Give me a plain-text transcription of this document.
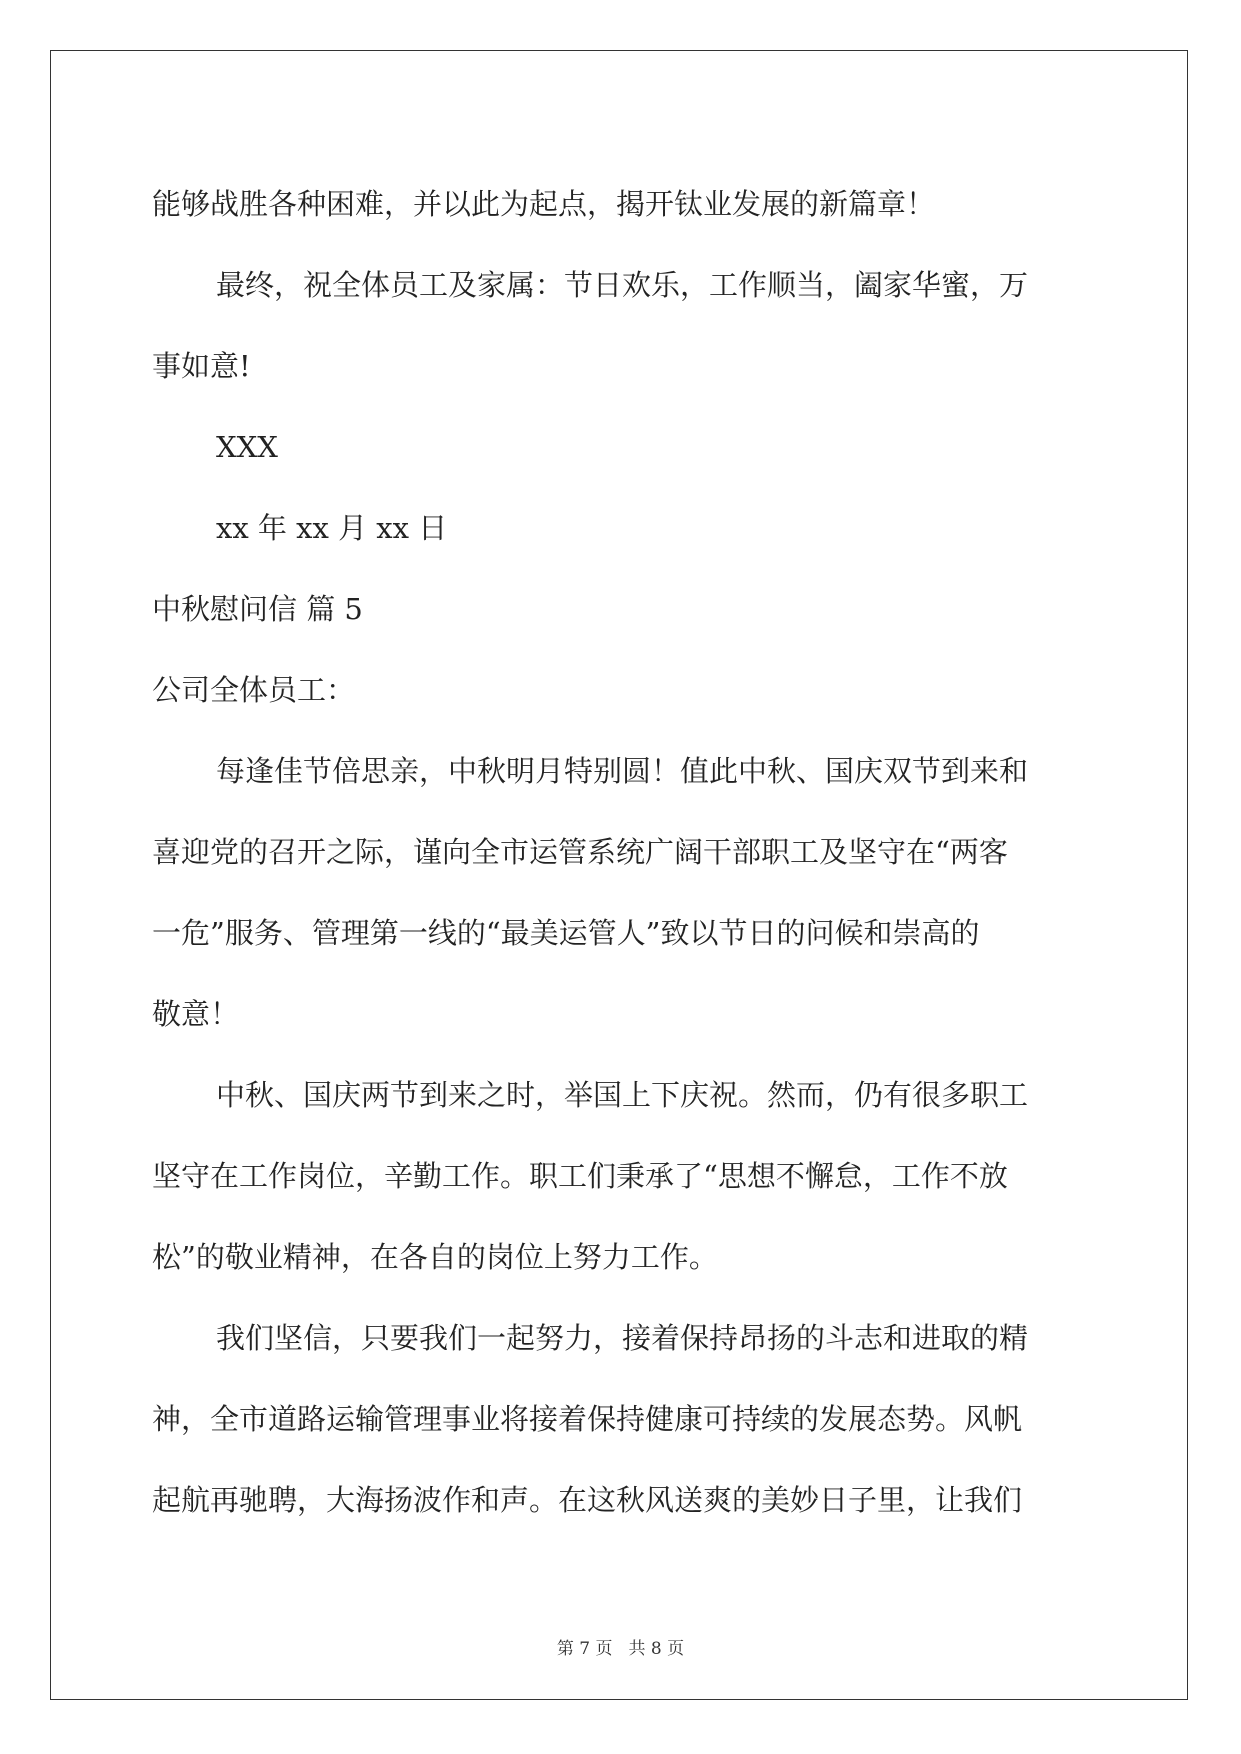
能够战胜各种困难，并以此为起点，揭开钛业发展的新篇章！
最终，祝全体员工及家属：节日欢乐，工作顺当，阖家华蜜，万
事如意!
XXX
xx 年 xx 月 xx 日
中秋慰问信 篇 5
公司全体员工：
每逢佳节倍思亲，中秋明月特别圆！值此中秋、国庆双节到来和
喜迎党的召开之际，谨向全市运管系统广阔干部职工及坚守在“两客
一危”服务、管理第一线的“最美运管人”致以节日的问候和崇高的
敬意！
中秋、国庆两节到来之时，举国上下庆祝。然而，仍有很多职工
坚守在工作岗位，辛勤工作。职工们秉承了“思想不懈怠，工作不放
松”的敬业精神，在各自的岗位上努力工作。
我们坚信，只要我们一起努力，接着保持昂扬的斗志和进取的精
神，全市道路运输管理事业将接着保持健康可持续的发展态势。风帆
起航再驰聘，大海扬波作和声。在这秋风送爽的美妙日子里，让我们
第 7 页 共 8 页
